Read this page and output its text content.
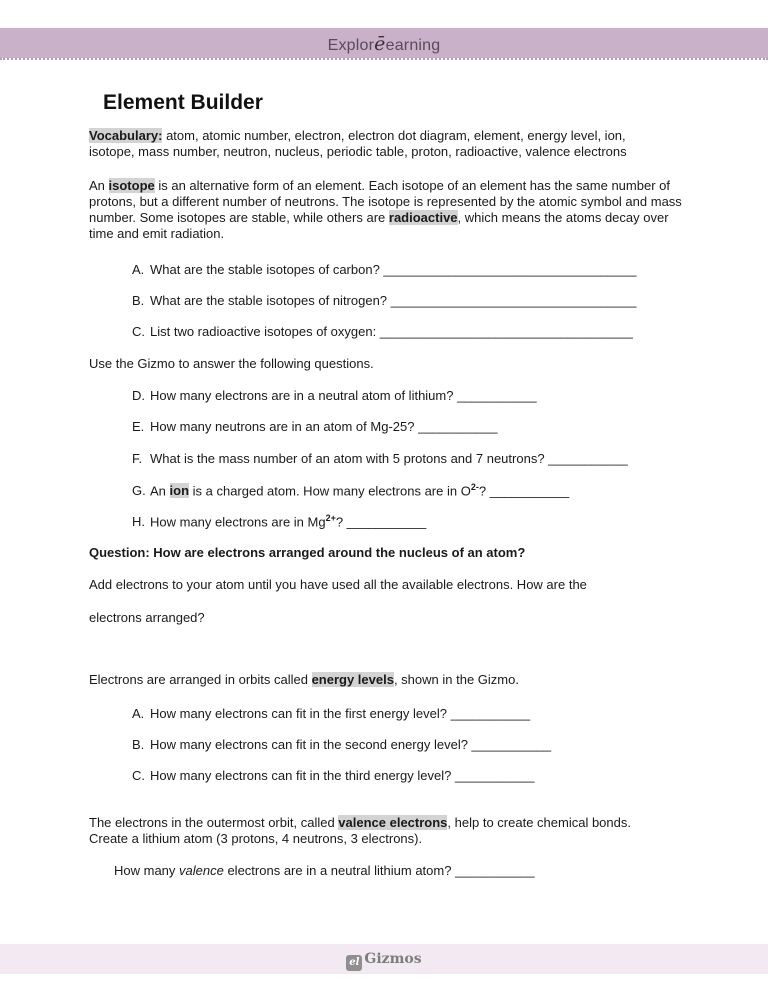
Explorēearning
Element Builder
Vocabulary: atom, atomic number, electron, electron dot diagram, element, energy level, ion,
isotope, mass number, neutron, nucleus, periodic table, proton, radioactive, valence electrons
An isotope is an alternative form of an element. Each isotope of an element has the same number of protons, but a different number of neutrons. The isotope is represented by the atomic symbol and mass number. Some isotopes are stable, while others are radioactive, which means the atoms decay over time and emit radiation.
A. What are the stable isotopes of carbon? ___________________________________
B. What are the stable isotopes of nitrogen? __________________________________
C. List two radioactive isotopes of oxygen: ___________________________________
Use the Gizmo to answer the following questions.
D. How many electrons are in a neutral atom of lithium? ___________
E. How many neutrons are in an atom of Mg-25? ___________
F. What is the mass number of an atom with 5 protons and 7 neutrons? ___________
G. An ion is a charged atom. How many electrons are in $O^{2-}$? ___________
H. How many electrons are in $Mg^{2+}$? ___________
Question: How are electrons arranged around the nucleus of an atom?
Add electrons to your atom until you have used all the available electrons. How are the
electrons arranged?
Electrons are arranged in orbits called energy levels, shown in the Gizmo.
A. How many electrons can fit in the first energy level? ___________
B. How many electrons can fit in the second energy level? ___________
C. How many electrons can fit in the third energy level? ___________
The electrons in the outermost orbit, called valence electrons, help to create chemical bonds.
Create a lithium atom (3 protons, 4 neutrons, 3 electrons).
How many valence electrons are in a neutral lithium atom? ___________
el Gizmos
